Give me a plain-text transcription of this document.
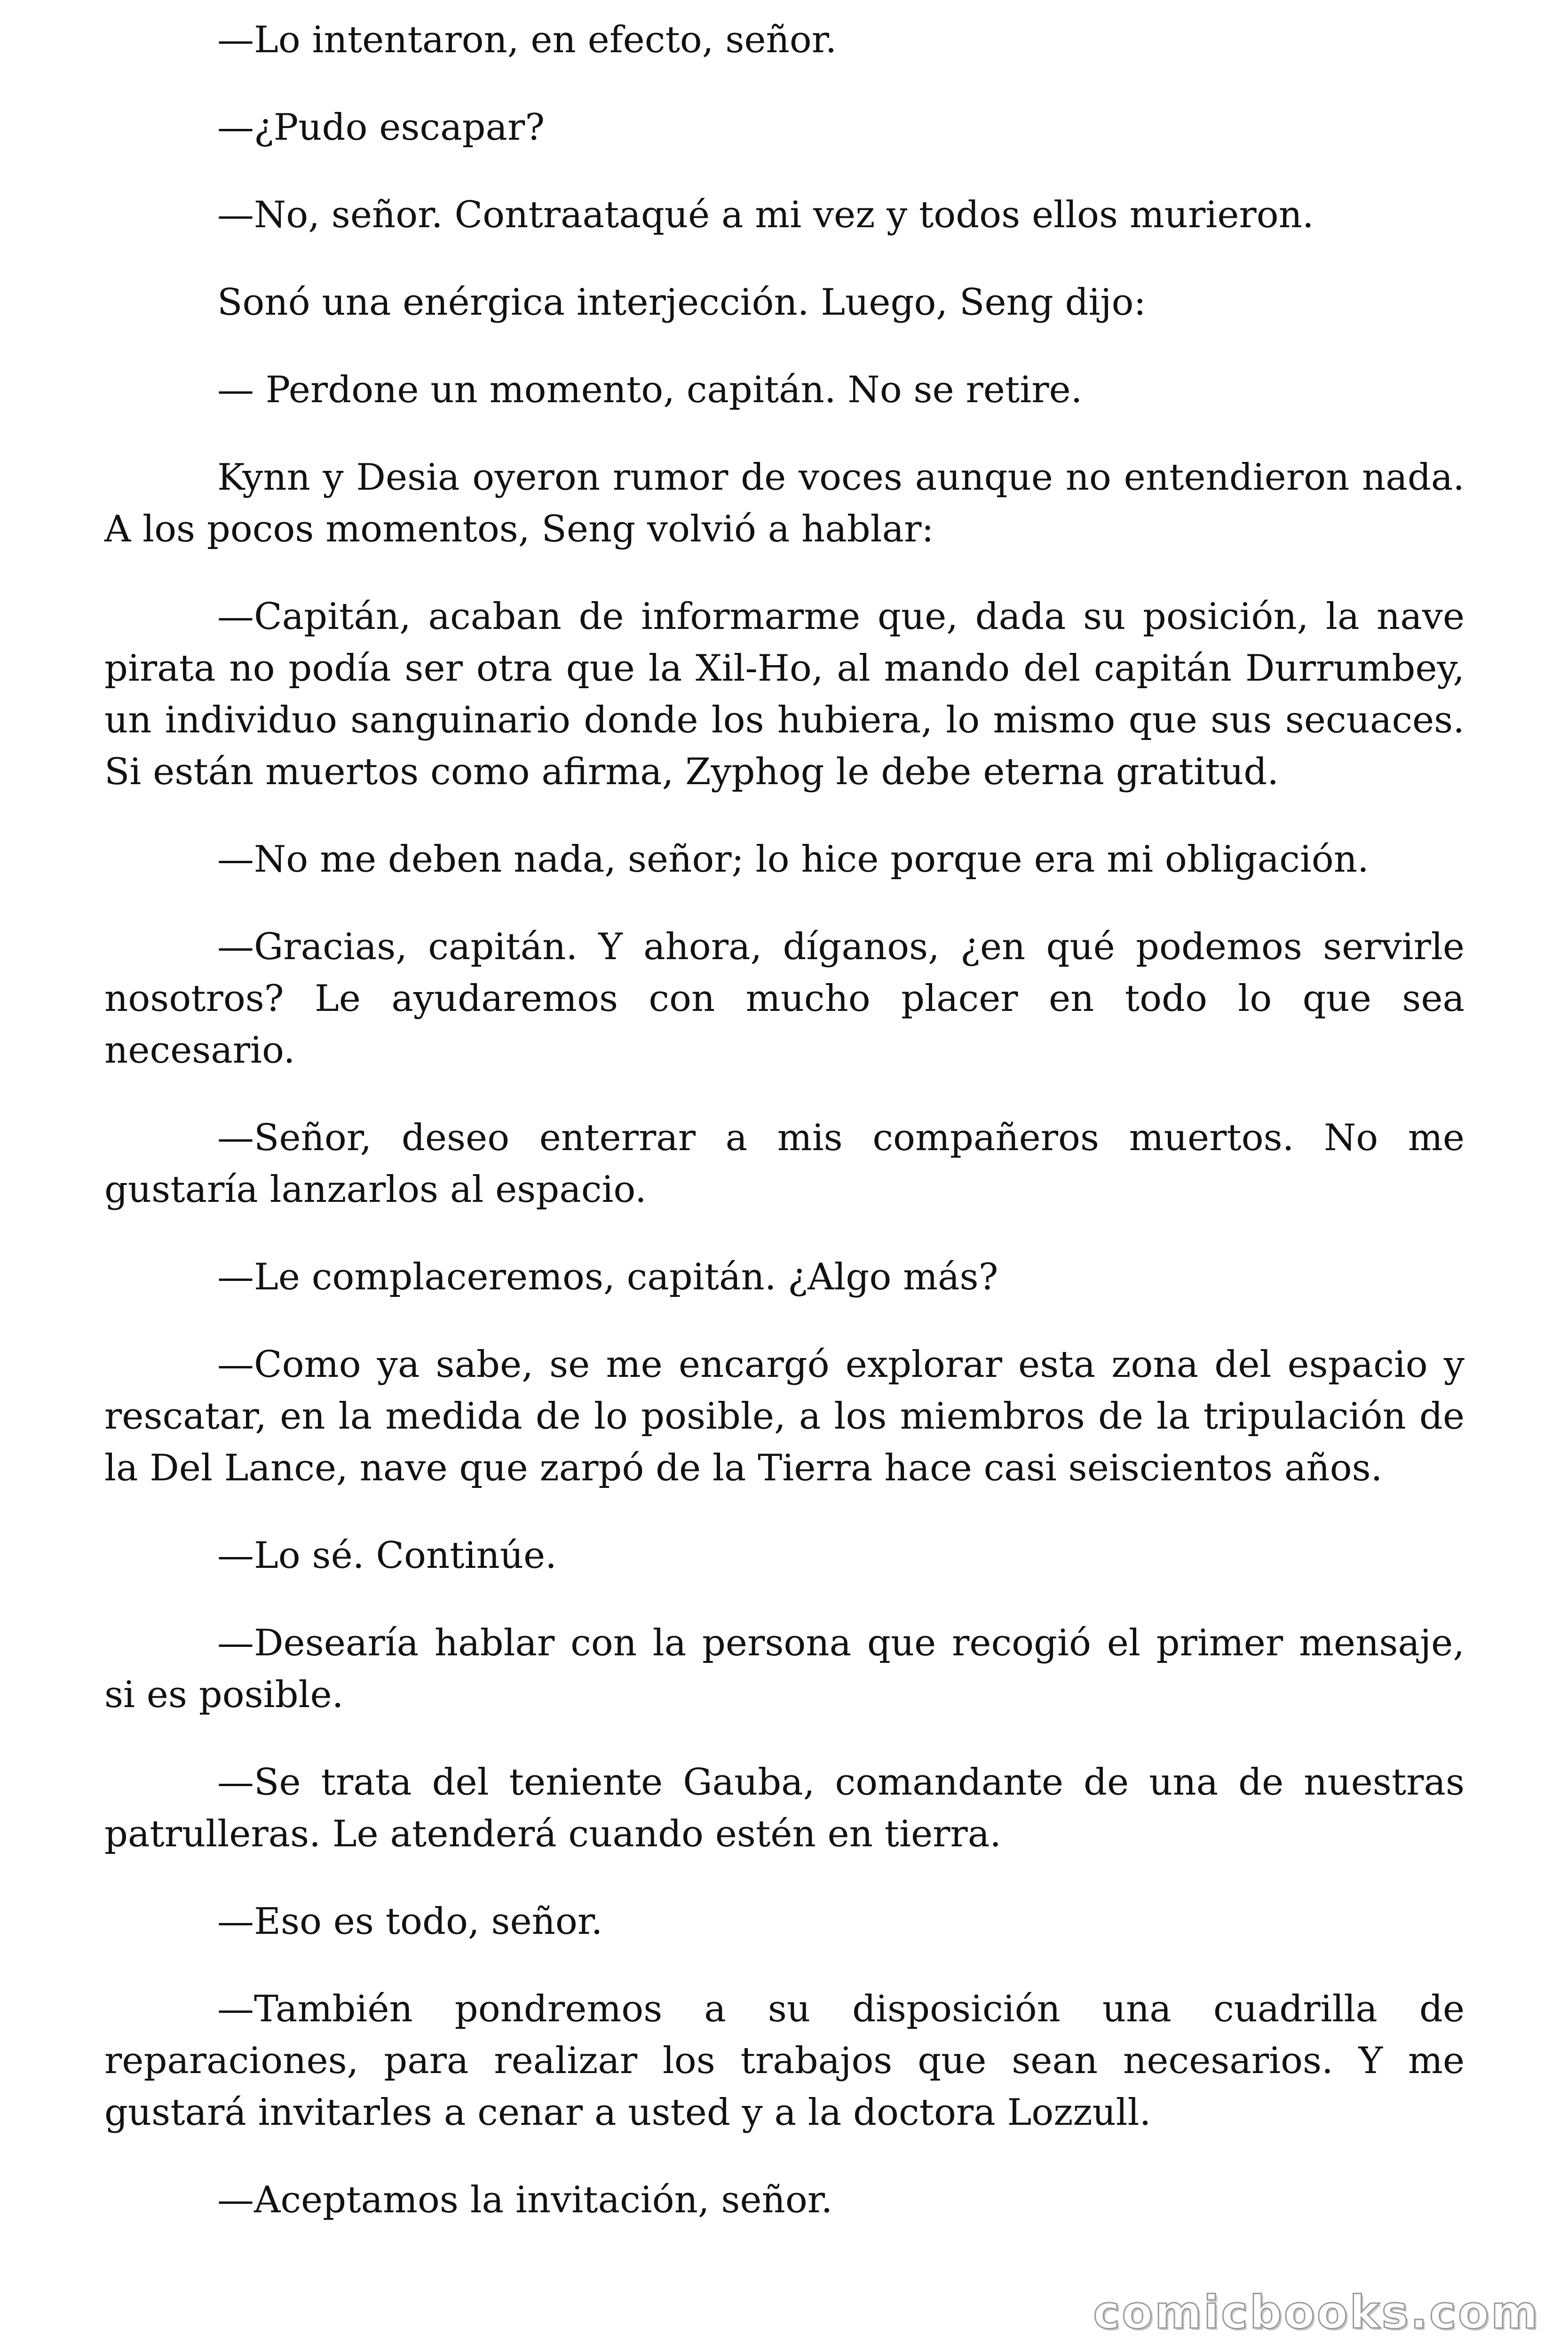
—Lo intentaron, en efecto, señor.

—¿Pudo escapar?

—No, señor. Contraataqué a mi vez y todos ellos murieron.

Sonó una enérgica interjección. Luego, Seng dijo:

— Perdone un momento, capitán. No se retire.

Kynn y Desia oyeron rumor de voces aunque no entendieron nada. A los pocos momentos, Seng volvió a hablar:

—Capitán, acaban de informarme que, dada su posición, la nave pirata no podía ser otra que la Xil-Ho, al mando del capitán Durrumbey, un individuo sanguinario donde los hubiera, lo mismo que sus secuaces. Si están muertos como afirma, Zyphog le debe eterna gratitud.

—No me deben nada, señor; lo hice porque era mi obligación.

—Gracias, capitán. Y ahora, díganos, ¿en qué podemos servirle nosotros? Le ayudaremos con mucho placer en todo lo que sea necesario.

—Señor, deseo enterrar a mis compañeros muertos. No me gustaría lanzarlos al espacio.

—Le complaceremos, capitán. ¿Algo más?

—Como ya sabe, se me encargó explorar esta zona del espacio y rescatar, en la medida de lo posible, a los miembros de la tripulación de la Del Lance, nave que zarpó de la Tierra hace casi seiscientos años.

—Lo sé. Continúe.

—Desearía hablar con la persona que recogió el primer mensaje, si es posible.

—Se trata del teniente Gauba, comandante de una de nuestras patrulleras. Le atenderá cuando estén en tierra.

—Eso es todo, señor.

—También pondremos a su disposición una cuadrilla de reparaciones, para realizar los trabajos que sean necesarios. Y me gustará invitarles a cenar a usted y a la doctora Lozzull.

—Aceptamos la invitación, señor.

comicbooks.com
